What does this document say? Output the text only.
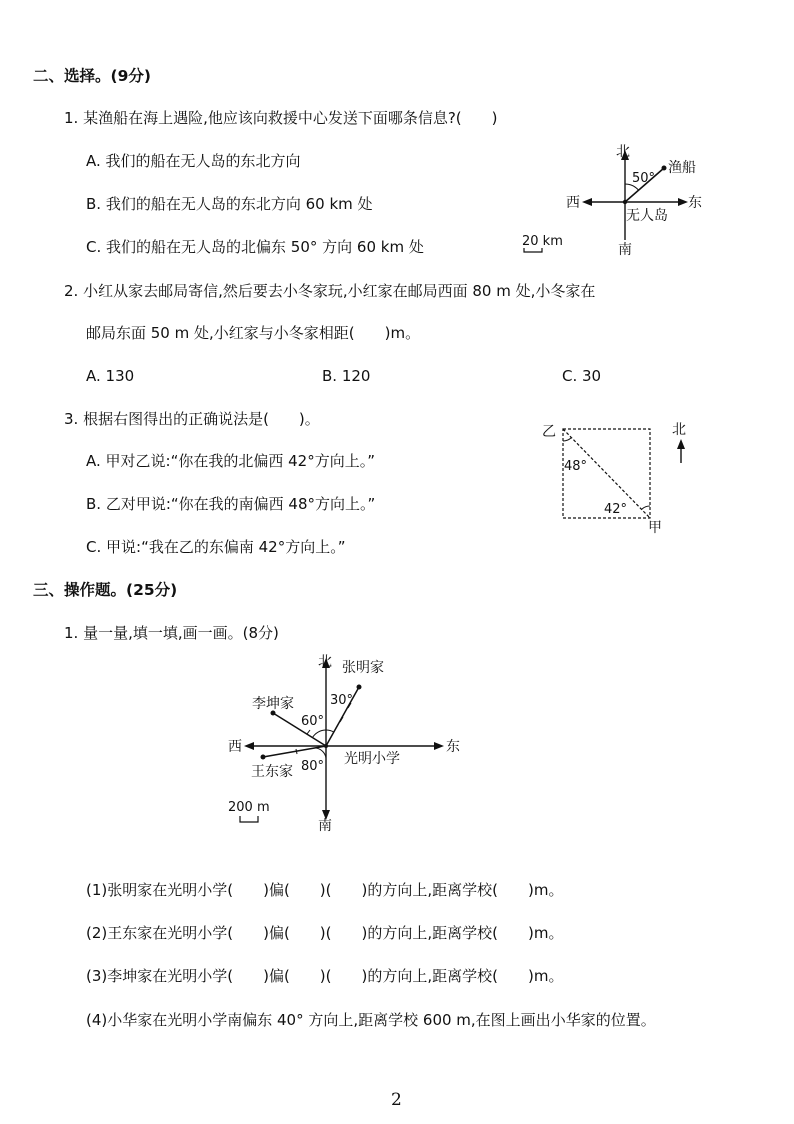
二、选择。(9分)
1. 某渔船在海上遇险,他应该向救援中心发送下面哪条信息?(　　)
A. 我们的船在无人岛的东北方向
B. 我们的船在无人岛的东北方向 60 km 处
C. 我们的船在无人岛的北偏东 50° 方向 60 km 处
北
50°
渔船
西	东
无人岛
南
20 km
2. 小红从家去邮局寄信,然后要去小冬家玩,小红家在邮局西面 80 m 处,小冬家在
邮局东面 50 m 处,小红家与小冬家相距(　　)m。
A. 130	B. 120	C. 30
3. 根据右图得出的正确说法是(　　)。
A. 甲对乙说:“你在我的北偏西 42°方向上。”
B. 乙对甲说:“你在我的南偏西 48°方向上。”
C. 甲说:“我在乙的东偏南 42°方向上。”
乙
48°
42°
甲
北
三、操作题。(25分)
1. 量一量,填一填,画一画。(8分)
北 张明家
李坤家	30°
60°
西	东
光明小学
王东家 80°
200 m
南
(1)张明家在光明小学(　　)偏(　　)(　　)的方向上,距离学校(　　)m。
(2)王东家在光明小学(　　)偏(　　)(　　)的方向上,距离学校(　　)m。
(3)李坤家在光明小学(　　)偏(　　)(　　)的方向上,距离学校(　　)m。
(4)小华家在光明小学南偏东 40° 方向上,距离学校 600 m,在图上画出小华家的位置。
2
